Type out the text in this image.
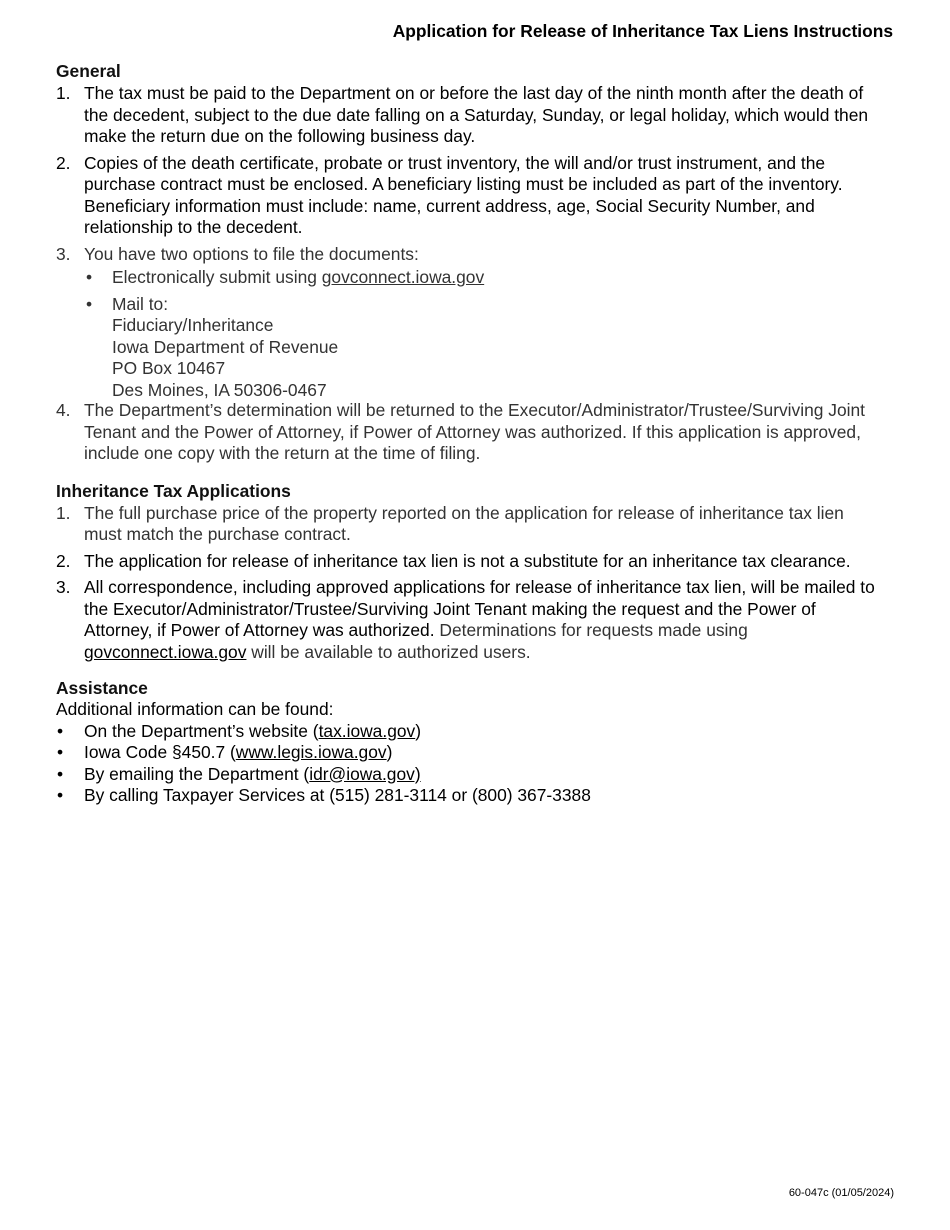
Application for Release of Inheritance Tax Liens Instructions
General
1. The tax must be paid to the Department on or before the last day of the ninth month after the death of the decedent, subject to the due date falling on a Saturday, Sunday, or legal holiday, which would then make the return due on the following business day.
2. Copies of the death certificate, probate or trust inventory, the will and/or trust instrument, and the purchase contract must be enclosed. A beneficiary listing must be included as part of the inventory. Beneficiary information must include: name, current address, age, Social Security Number, and relationship to the decedent.
3. You have two options to file the documents:
• Electronically submit using govconnect.iowa.gov
• Mail to:
Fiduciary/Inheritance
Iowa Department of Revenue
PO Box 10467
Des Moines, IA 50306-0467
4. The Department’s determination will be returned to the Executor/Administrator/Trustee/Surviving Joint Tenant and the Power of Attorney, if Power of Attorney was authorized. If this application is approved, include one copy with the return at the time of filing.
Inheritance Tax Applications
1. The full purchase price of the property reported on the application for release of inheritance tax lien must match the purchase contract.
2. The application for release of inheritance tax lien is not a substitute for an inheritance tax clearance.
3. All correspondence, including approved applications for release of inheritance tax lien, will be mailed to the Executor/Administrator/Trustee/Surviving Joint Tenant making the request and the Power of Attorney, if Power of Attorney was authorized. Determinations for requests made using govconnect.iowa.gov will be available to authorized users.
Assistance
Additional information can be found:
• On the Department’s website (tax.iowa.gov)
• Iowa Code §450.7 (www.legis.iowa.gov)
• By emailing the Department (idr@iowa.gov)
• By calling Taxpayer Services at (515) 281-3114 or (800) 367-3388
60-047c (01/05/2024)
